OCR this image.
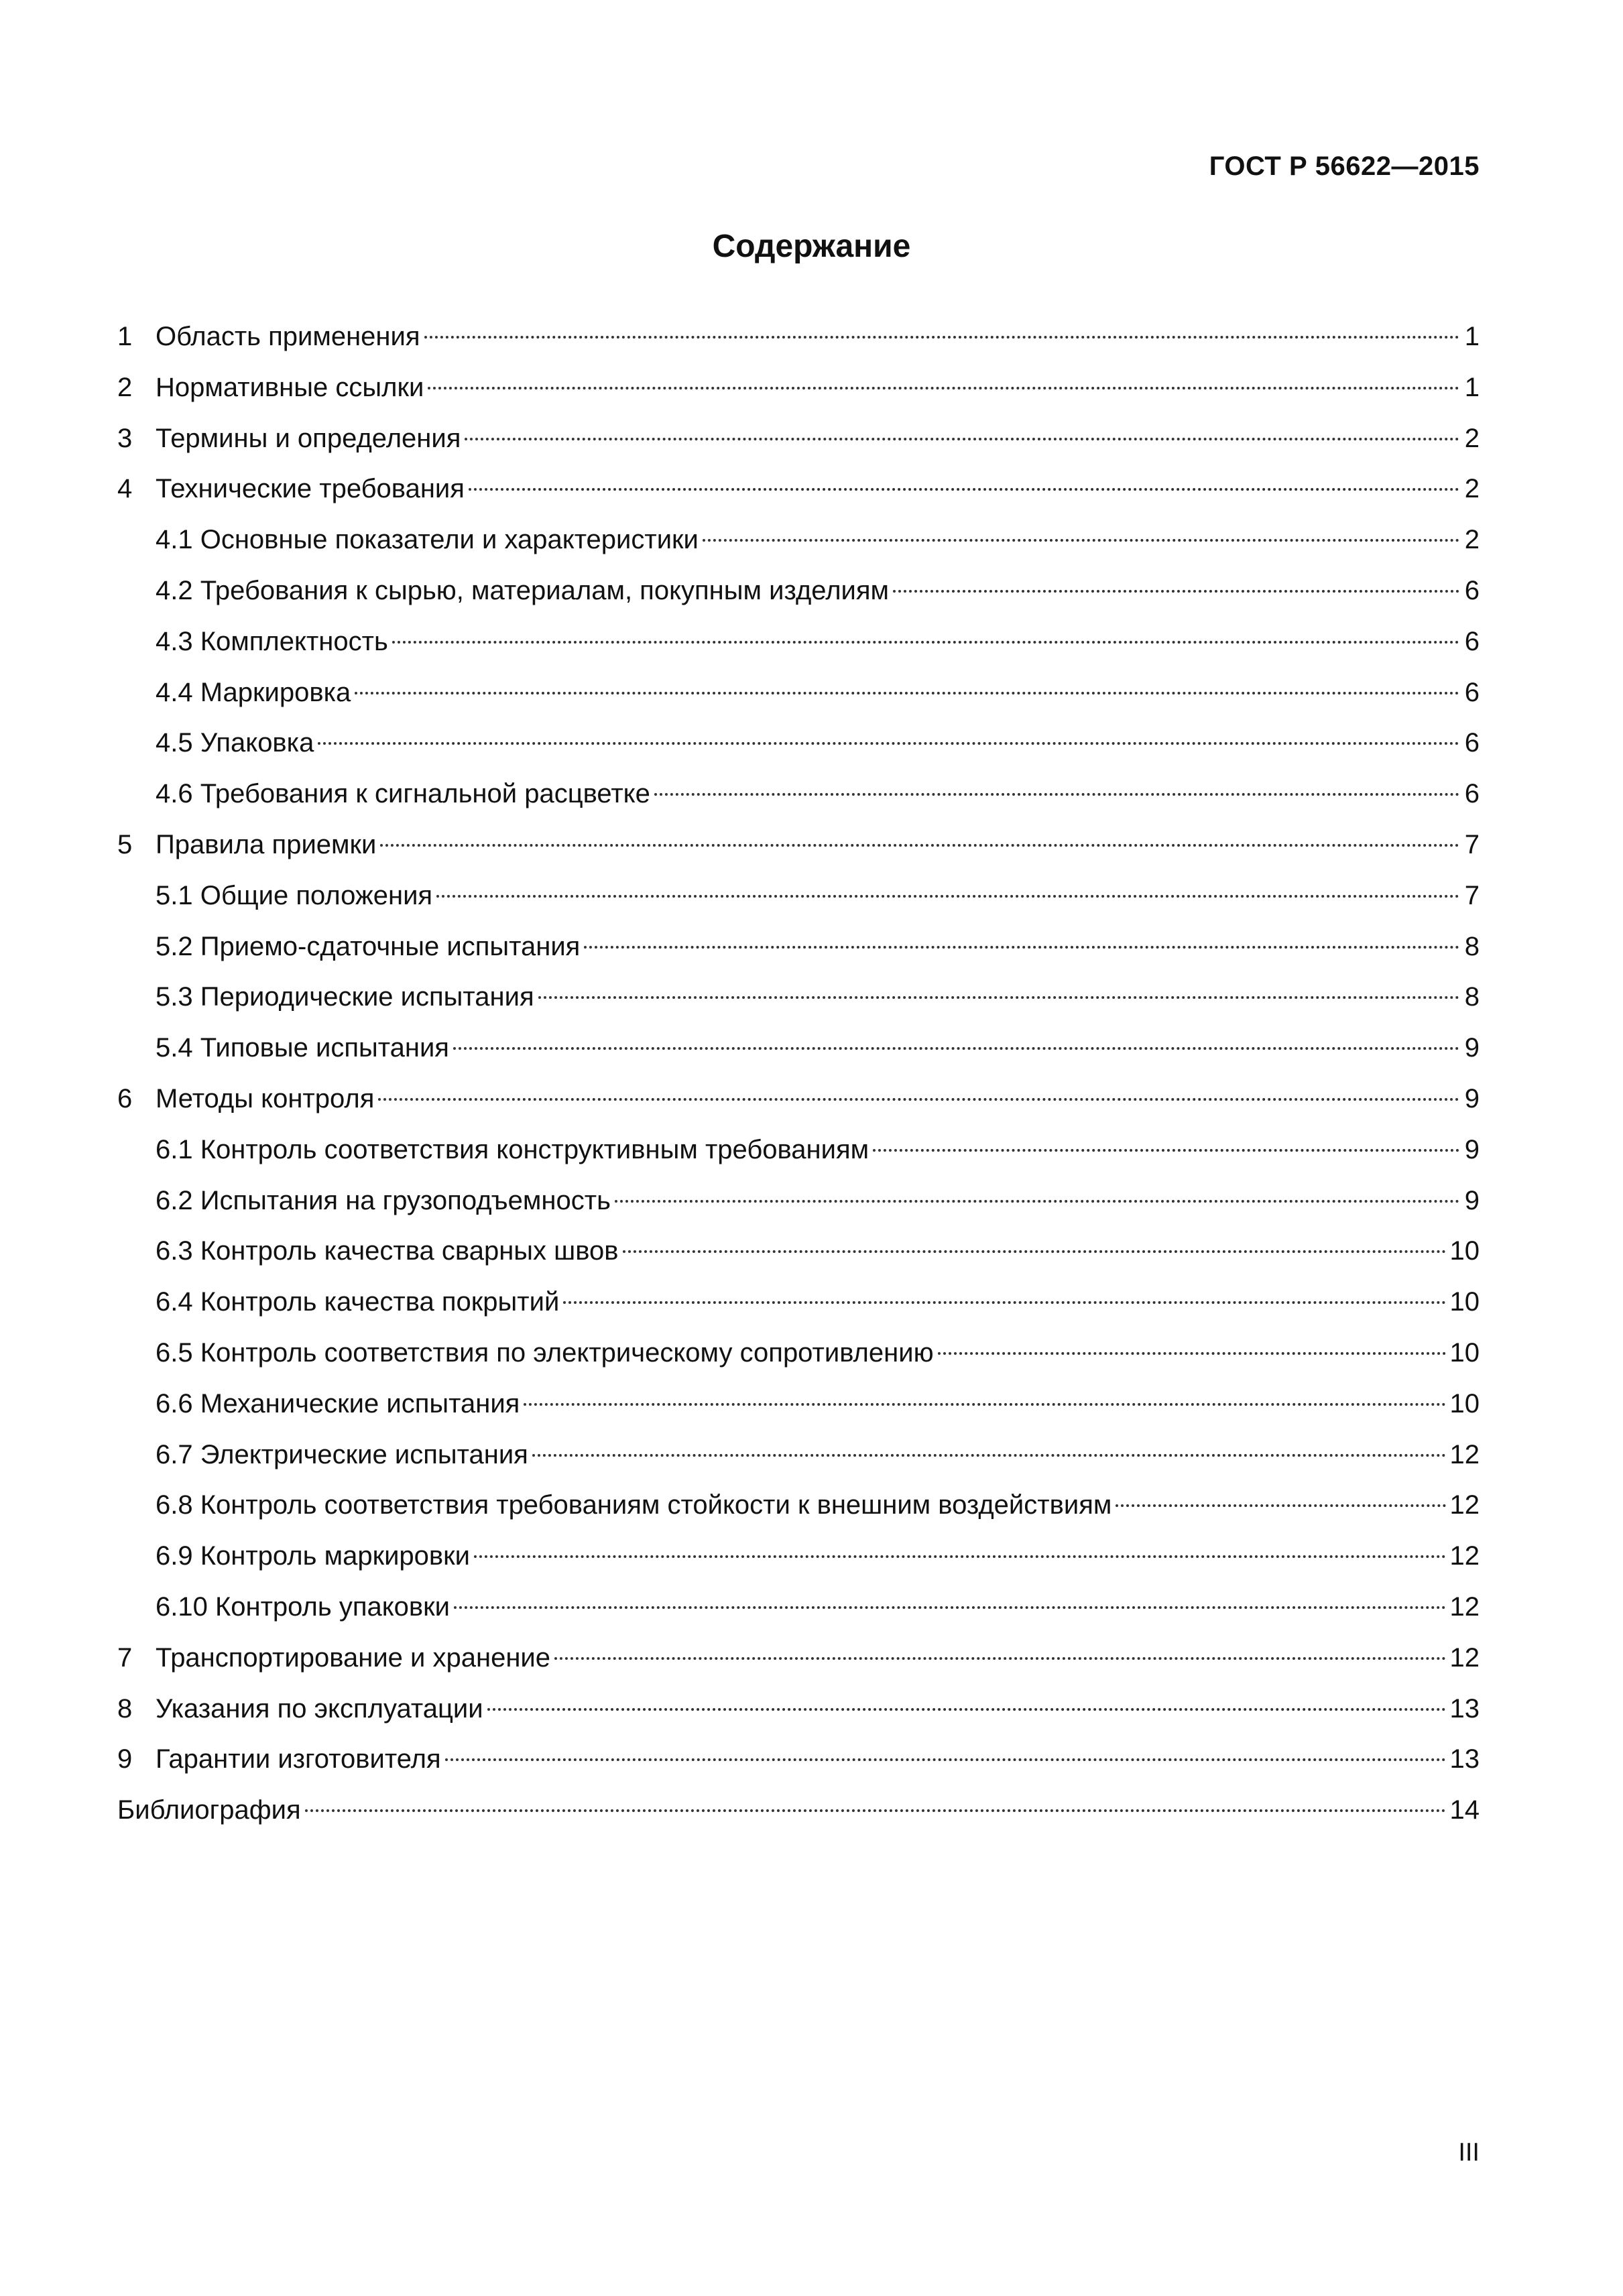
ГОСТ Р 56622—2015
Содержание
1 Область применения	1
2 Нормативные ссылки	1
3 Термины и определения	2
4 Технические требования	2
4.1 Основные показатели и характеристики	2
4.2 Требования к сырью, материалам, покупным изделиям	6
4.3 Комплектность	6
4.4 Маркировка	6
4.5 Упаковка	6
4.6 Требования к сигнальной расцветке	6
5 Правила приемки	7
5.1 Общие положения	7
5.2 Приемо-сдаточные испытания	8
5.3 Периодические испытания	8
5.4 Типовые испытания	9
6 Методы контроля	9
6.1 Контроль соответствия конструктивным требованиям	9
6.2 Испытания на грузоподъемность	9
6.3 Контроль качества сварных швов	10
6.4 Контроль качества покрытий	10
6.5 Контроль соответствия по электрическому сопротивлению	10
6.6 Механические испытания	10
6.7 Электрические испытания	12
6.8 Контроль соответствия требованиям стойкости к внешним воздействиям	12
6.9 Контроль маркировки	12
6.10 Контроль упаковки	12
7 Транспортирование и хранение	12
8 Указания по эксплуатации	13
9 Гарантии изготовителя	13
Библиография	14
III
